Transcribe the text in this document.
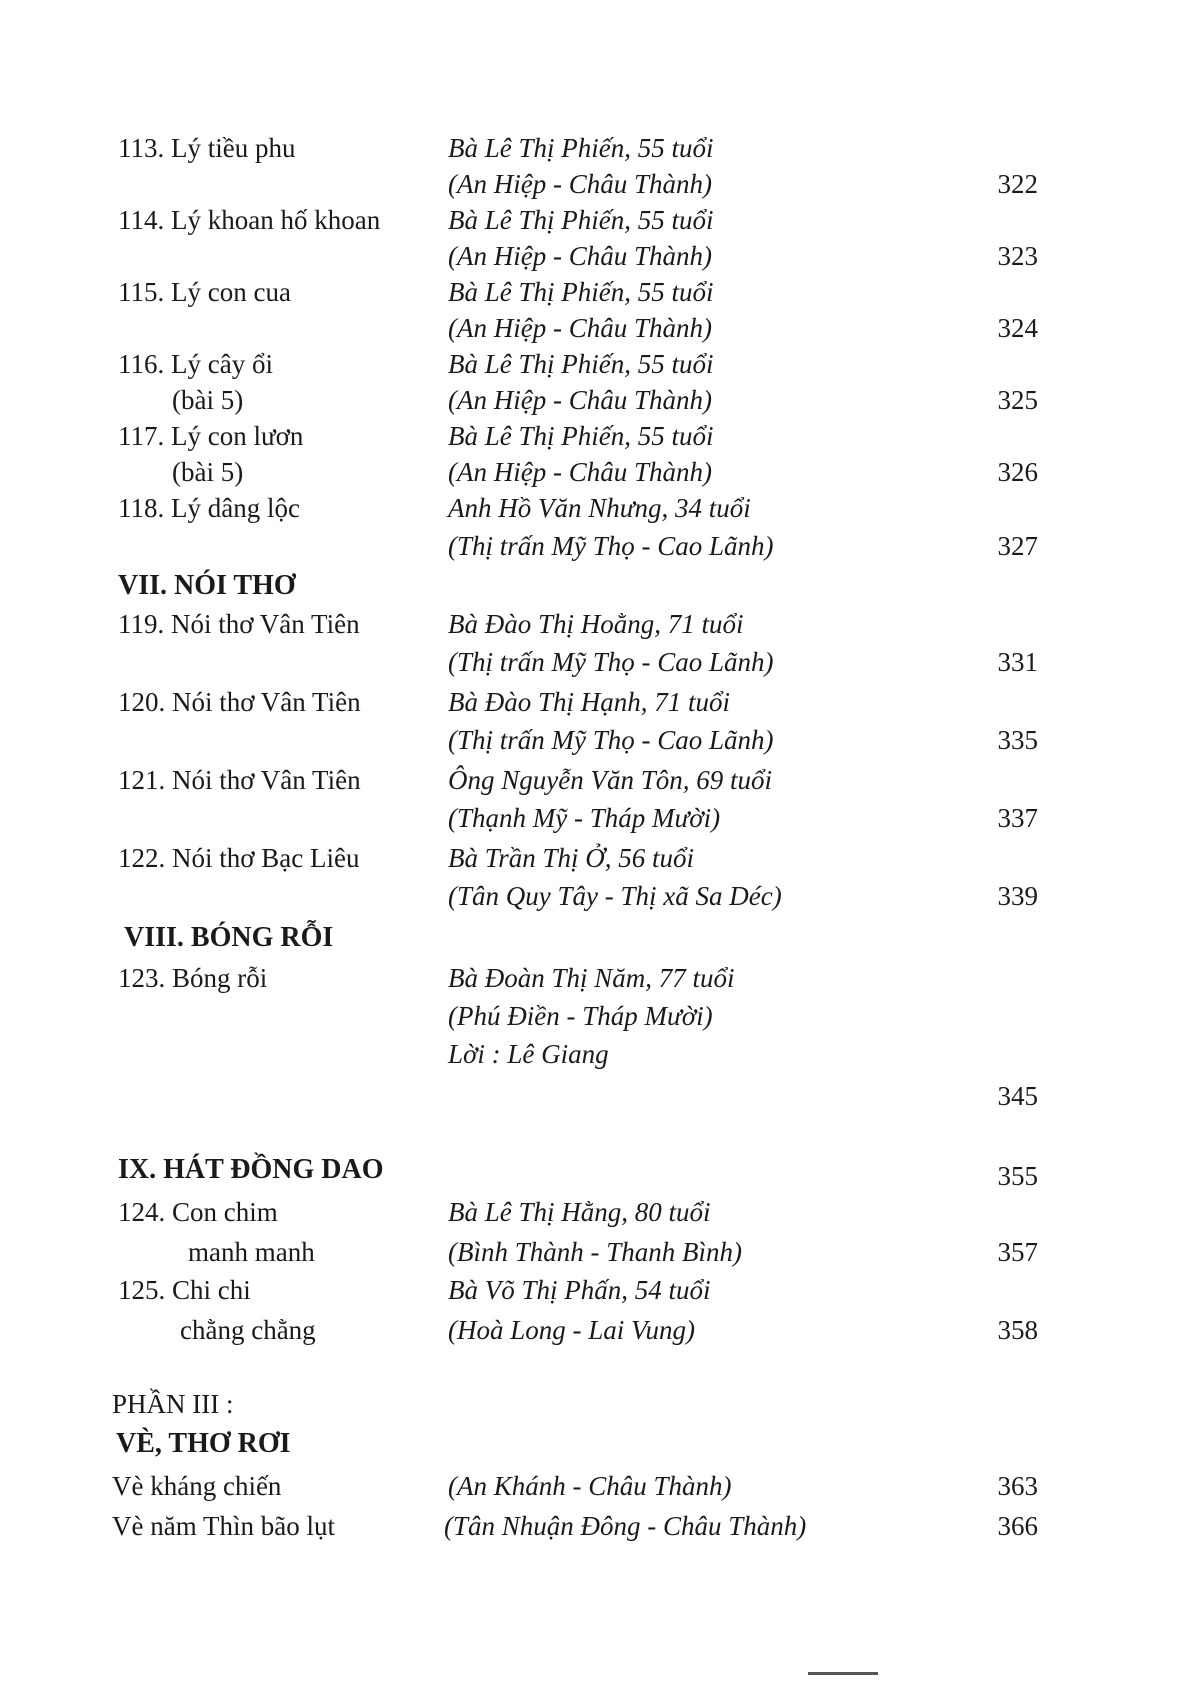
113. Lý tiều phu	Bà Lê Thị Phiến, 55 tuổi
(An Hiệp - Châu Thành)	322
114. Lý khoan hố khoan	Bà Lê Thị Phiến, 55 tuổi
(An Hiệp - Châu Thành)	323
115. Lý con cua	Bà Lê Thị Phiến, 55 tuổi
(An Hiệp - Châu Thành)	324
116. Lý cây ổi	Bà Lê Thị Phiến, 55 tuổi
(bài 5)	(An Hiệp - Châu Thành)	325
117. Lý con lươn	Bà Lê Thị Phiến, 55 tuổi
(bài 5)	(An Hiệp - Châu Thành)	326
118. Lý dâng lộc	Anh Hồ Văn Nhưng, 34 tuổi
(Thị trấn Mỹ Thọ - Cao Lãnh)	327
VII. NÓI THƠ
119. Nói thơ Vân Tiên	Bà Đào Thị Hoằng, 71 tuổi
(Thị trấn Mỹ Thọ - Cao Lãnh)	331
120. Nói thơ Vân Tiên	Bà Đào Thị Hạnh, 71 tuổi
(Thị trấn Mỹ Thọ - Cao Lãnh)	335
121. Nói thơ Vân Tiên	Ông Nguyễn Văn Tôn, 69 tuổi
(Thạnh Mỹ - Tháp Mười)	337
122. Nói thơ Bạc Liêu	Bà Trần Thị Ở, 56 tuổi
(Tân Quy Tây - Thị xã Sa Déc)	339
VIII. BÓNG RỖI
123. Bóng rỗi	Bà Đoàn Thị Năm, 77 tuổi
(Phú Điền - Tháp Mười)
Lời : Lê Giang
345
IX. HÁT ĐỒNG DAO	355
124. Con chim	Bà Lê Thị Hằng, 80 tuổi
manh manh	(Bình Thành - Thanh Bình)	357
125. Chi chi	Bà Võ Thị Phấn, 54 tuổi
chằng chằng	(Hoà Long - Lai Vung)	358
PHẦN III :
VÈ, THƠ RƠI
Vè kháng chiến	(An Khánh - Châu Thành)	363
Vè năm Thìn bão lụt	(Tân Nhuận Đông - Châu Thành)	366
